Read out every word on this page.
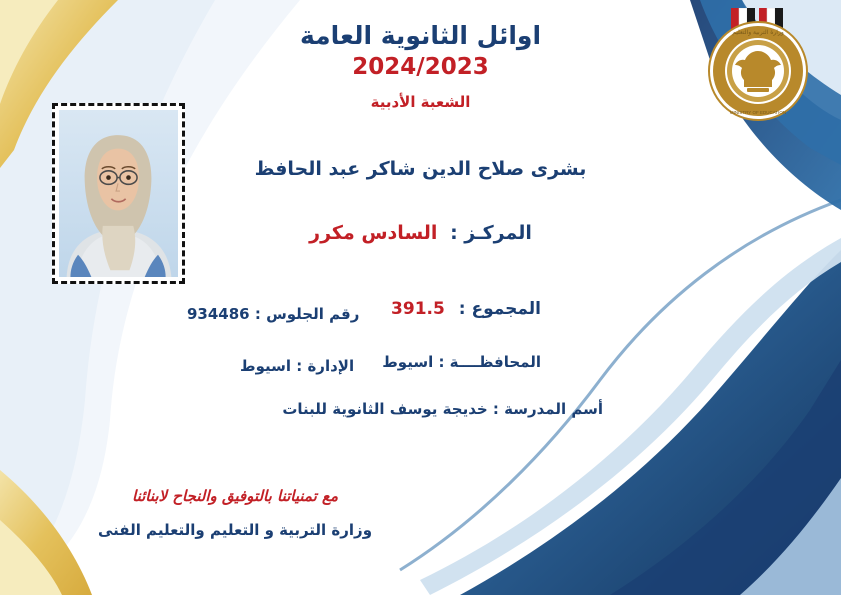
اوائل الثانوية العامة
2024/2023
الشعبة الأدبية
وزارة التربية والتعليم
MINISTRY OF EDUCATION
بشرى صلاح الدين شاكر عبد الحافظ
المركـز : السادس مكرر
المجموع : 391.5
رقم الجلوس : 934486
المحافظــــة : اسيوط
الإدارة : اسيوط
أسم المدرسة : خديجة يوسف الثانوية للبنات
مع تمنياتنا بالتوفيق والنجاح لابنائنا
وزارة التربية و التعليم والتعليم الفنى
